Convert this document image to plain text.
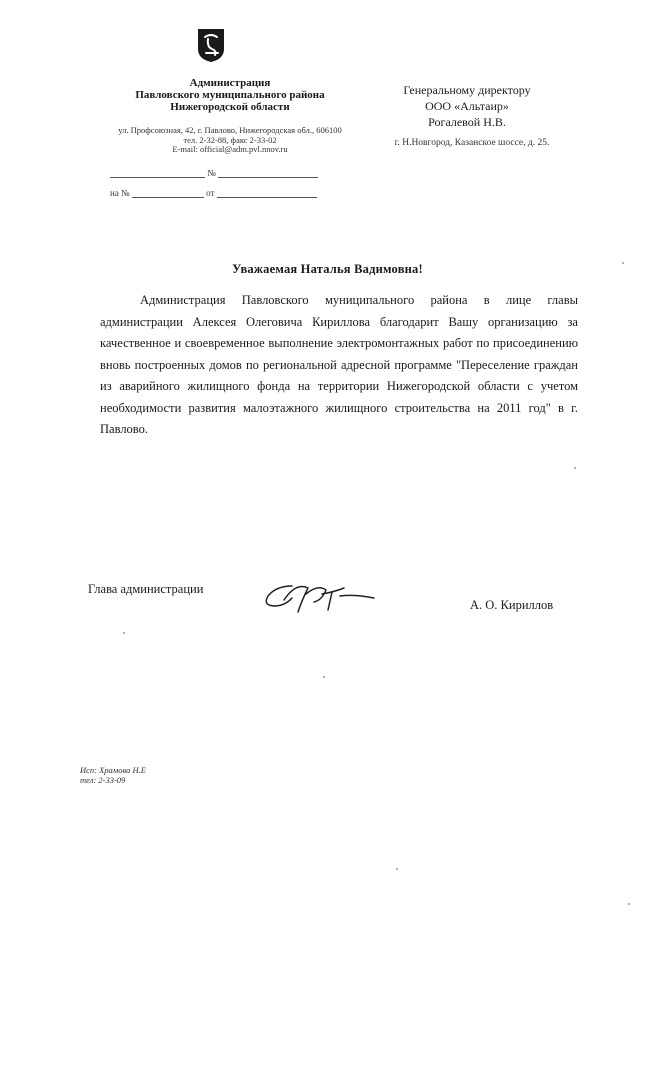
Администрация
Павловского муниципального района
Нижегородской области
ул. Профсоюзная, 42, г. Павлово, Нижегородская обл., 606100
тел. 2-32-88, факс 2-33-02
E-mail: official@adm.pvl.nnov.ru
№
на №	от
Генеральному директору
ООО «Альтаир»
Рогалевой Н.В.
г. Н.Новгород, Казанское шоссе, д. 25.
Уважаемая Наталья Вадимовна!
Администрация Павловского муниципального района в лице главы администрации Алексея Олеговича Кириллова благодарит Вашу организацию за качественное и своевременное выполнение электромонтажных работ по присоединению вновь построенных домов по региональной адресной программе "Переселение граждан из аварийного жилищного фонда на территории Нижегородской области с учетом необходимости развития малоэтажного жилищного строительства на 2011 год" в г. Павлово.
Глава администрации
А. О. Кириллов
Исп: Храмова Н.Е
тел: 2-33-09
